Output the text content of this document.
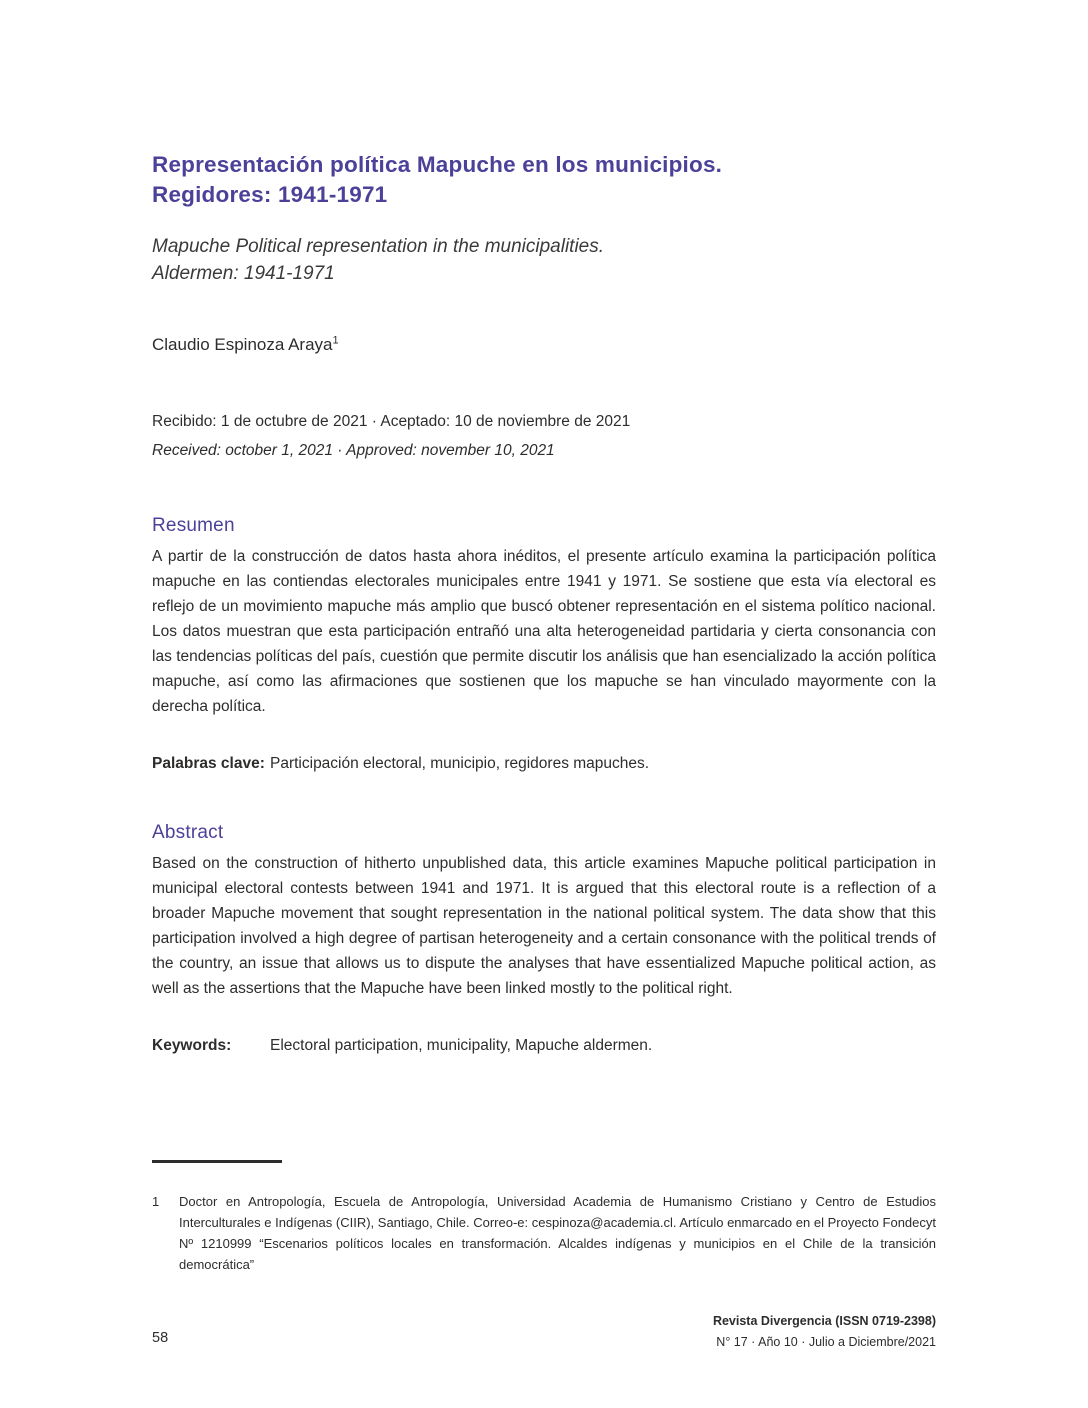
Representación política Mapuche en los municipios.
Regidores: 1941-1971
Mapuche Political representation in the municipalities.
Aldermen: 1941-1971
Claudio Espinoza Araya$^1$
Recibido: 1 de octubre de 2021 · Aceptado: 10 de noviembre de 2021
Received: october 1, 2021 · Approved: november 10, 2021
Resumen

A partir de la construcción de datos hasta ahora inéditos, el presente artículo examina la participación política mapuche en las contiendas electorales municipales entre 1941 y 1971. Se sostiene que esta vía electoral es reflejo de un movimiento mapuche más amplio que buscó obtener representación en el sistema político nacional. Los datos muestran que esta participación entrañó una alta heterogeneidad partidaria y cierta consonancia con las tendencias políticas del país, cuestión que permite discutir los análisis que han esencializado la acción política mapuche, así como las afirmaciones que sostienen que los mapuche se han vinculado mayormente con la derecha política.

Palabras clave: Participación electoral, municipio, regidores mapuches.
Abstract

Based on the construction of hitherto unpublished data, this article examines Mapuche political participation in municipal electoral contests between 1941 and 1971. It is argued that this electoral route is a reflection of a broader Mapuche movement that sought representation in the national political system. The data show that this participation involved a high degree of partisan heterogeneity and a certain consonance with the political trends of the country, an issue that allows us to dispute the analyses that have essentialized Mapuche political action, as well as the assertions that the Mapuche have been linked mostly to the political right.

Keywords:	Electoral participation, municipality, Mapuche aldermen.
1	Doctor en Antropología, Escuela de Antropología, Universidad Academia de Humanismo Cristiano y Centro de Estudios Interculturales e Indígenas (CIIR), Santiago, Chile. Correo-e: cespinoza@academia.cl. Artículo enmarcado en el Proyecto Fondecyt Nº 1210999 “Escenarios políticos locales en transformación. Alcaldes indígenas y municipios en el Chile de la transición democrática”
58
Revista Divergencia (ISSN 0719-2398)
N° 17 · Año 10 · Julio a Diciembre/2021
